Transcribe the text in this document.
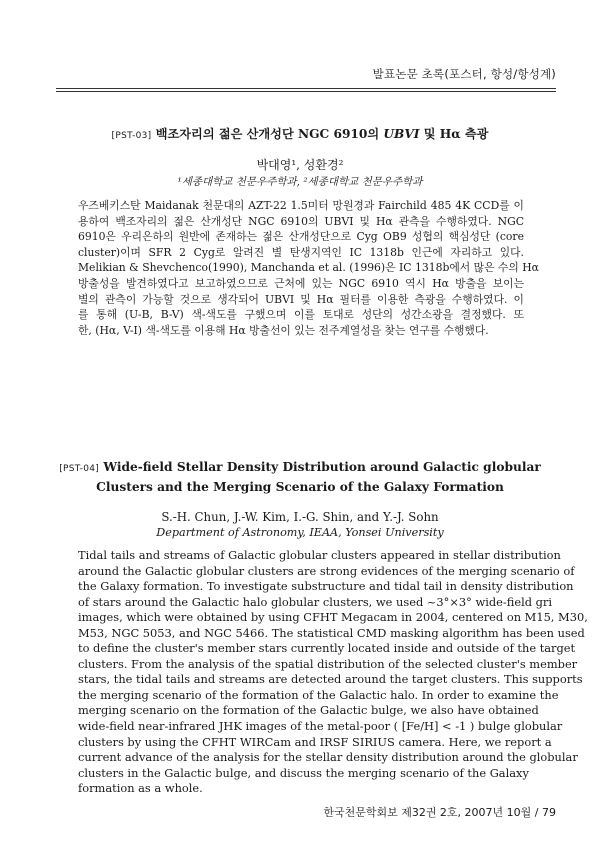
발표논문 초록(포스터, 항성/항성계)
[PST-03] 백조자리의 젊은 산개성단 NGC 6910의 UBVI 및 Hα 측광
박대영¹, 성환경²
¹세종대학교 천문우주학과, ²세종대학교 천문우주학과
우즈베키스탄 Maidanak 천문대의 AZT-22 1.5미터 망원경과 Fairchild 485 4K CCD를 이
용하여 백조자리의 젊은 산개성단 NGC 6910의 UBVI 및 Hα 관측을 수행하였다. NGC
6910은 우리은하의 원반에 존재하는 젊은 산개성단으로 Cyg OB9 성협의 핵심성단 (core
cluster)이며 SFR 2 Cyg로 알려진 별 탄생지역인 IC 1318b 인근에 자리하고 있다.
Melikian & Shevchenco(1990), Manchanda et al. (1996)은 IC 1318b에서 많은 수의 Hα
방출성을 발견하였다고 보고하였으므로 근처에 있는 NGC 6910 역시 Hα 방출을 보이는
별의 관측이 가능할 것으로 생각되어 UBVI 및 Hα 필터를 이용한 측광을 수행하였다. 이
를 통해 (U-B, B-V) 색-색도를 구했으며 이를 토대로 성단의 성간소광을 결정했다. 또
한, (Hα, V-I) 색-색도를 이용해 Hα 방출선이 있는 전주계열성을 찾는 연구를 수행했다.
[PST-04] Wide-field Stellar Density Distribution around Galactic globular
Clusters and the Merging Scenario of the Galaxy Formation
S.-H. Chun, J.-W. Kim, I.-G. Shin, and Y.-J. Sohn
Department of Astronomy, IEAA, Yonsei University
Tidal tails and streams of Galactic globular clusters appeared in stellar distribution
around the Galactic globular clusters are strong evidences of the merging scenario of
the Galaxy formation. To investigate substructure and tidal tail in density distribution
of stars around the Galactic halo globular clusters, we used ~3°×3° wide-field gri
images, which were obtained by using CFHT Megacam in 2004, centered on M15, M30,
M53, NGC 5053, and NGC 5466. The statistical CMD masking algorithm has been used
to define the cluster's member stars currently located inside and outside of the target
clusters. From the analysis of the spatial distribution of the selected cluster's member
stars, the tidal tails and streams are detected around the target clusters. This supports
the merging scenario of the formation of the Galactic halo. In order to examine the
merging scenario on the formation of the Galactic bulge, we also have obtained
wide-field near-infrared JHK images of the metal-poor ( [Fe/H] < -1 ) bulge globular
clusters by using the CFHT WIRCam and IRSF SIRIUS camera. Here, we report a
current advance of the analysis for the stellar density distribution around the globular
clusters in the Galactic bulge, and discuss the merging scenario of the Galaxy
formation as a whole.
한국천문학회보 제32권 2호, 2007년 10월 / 79
